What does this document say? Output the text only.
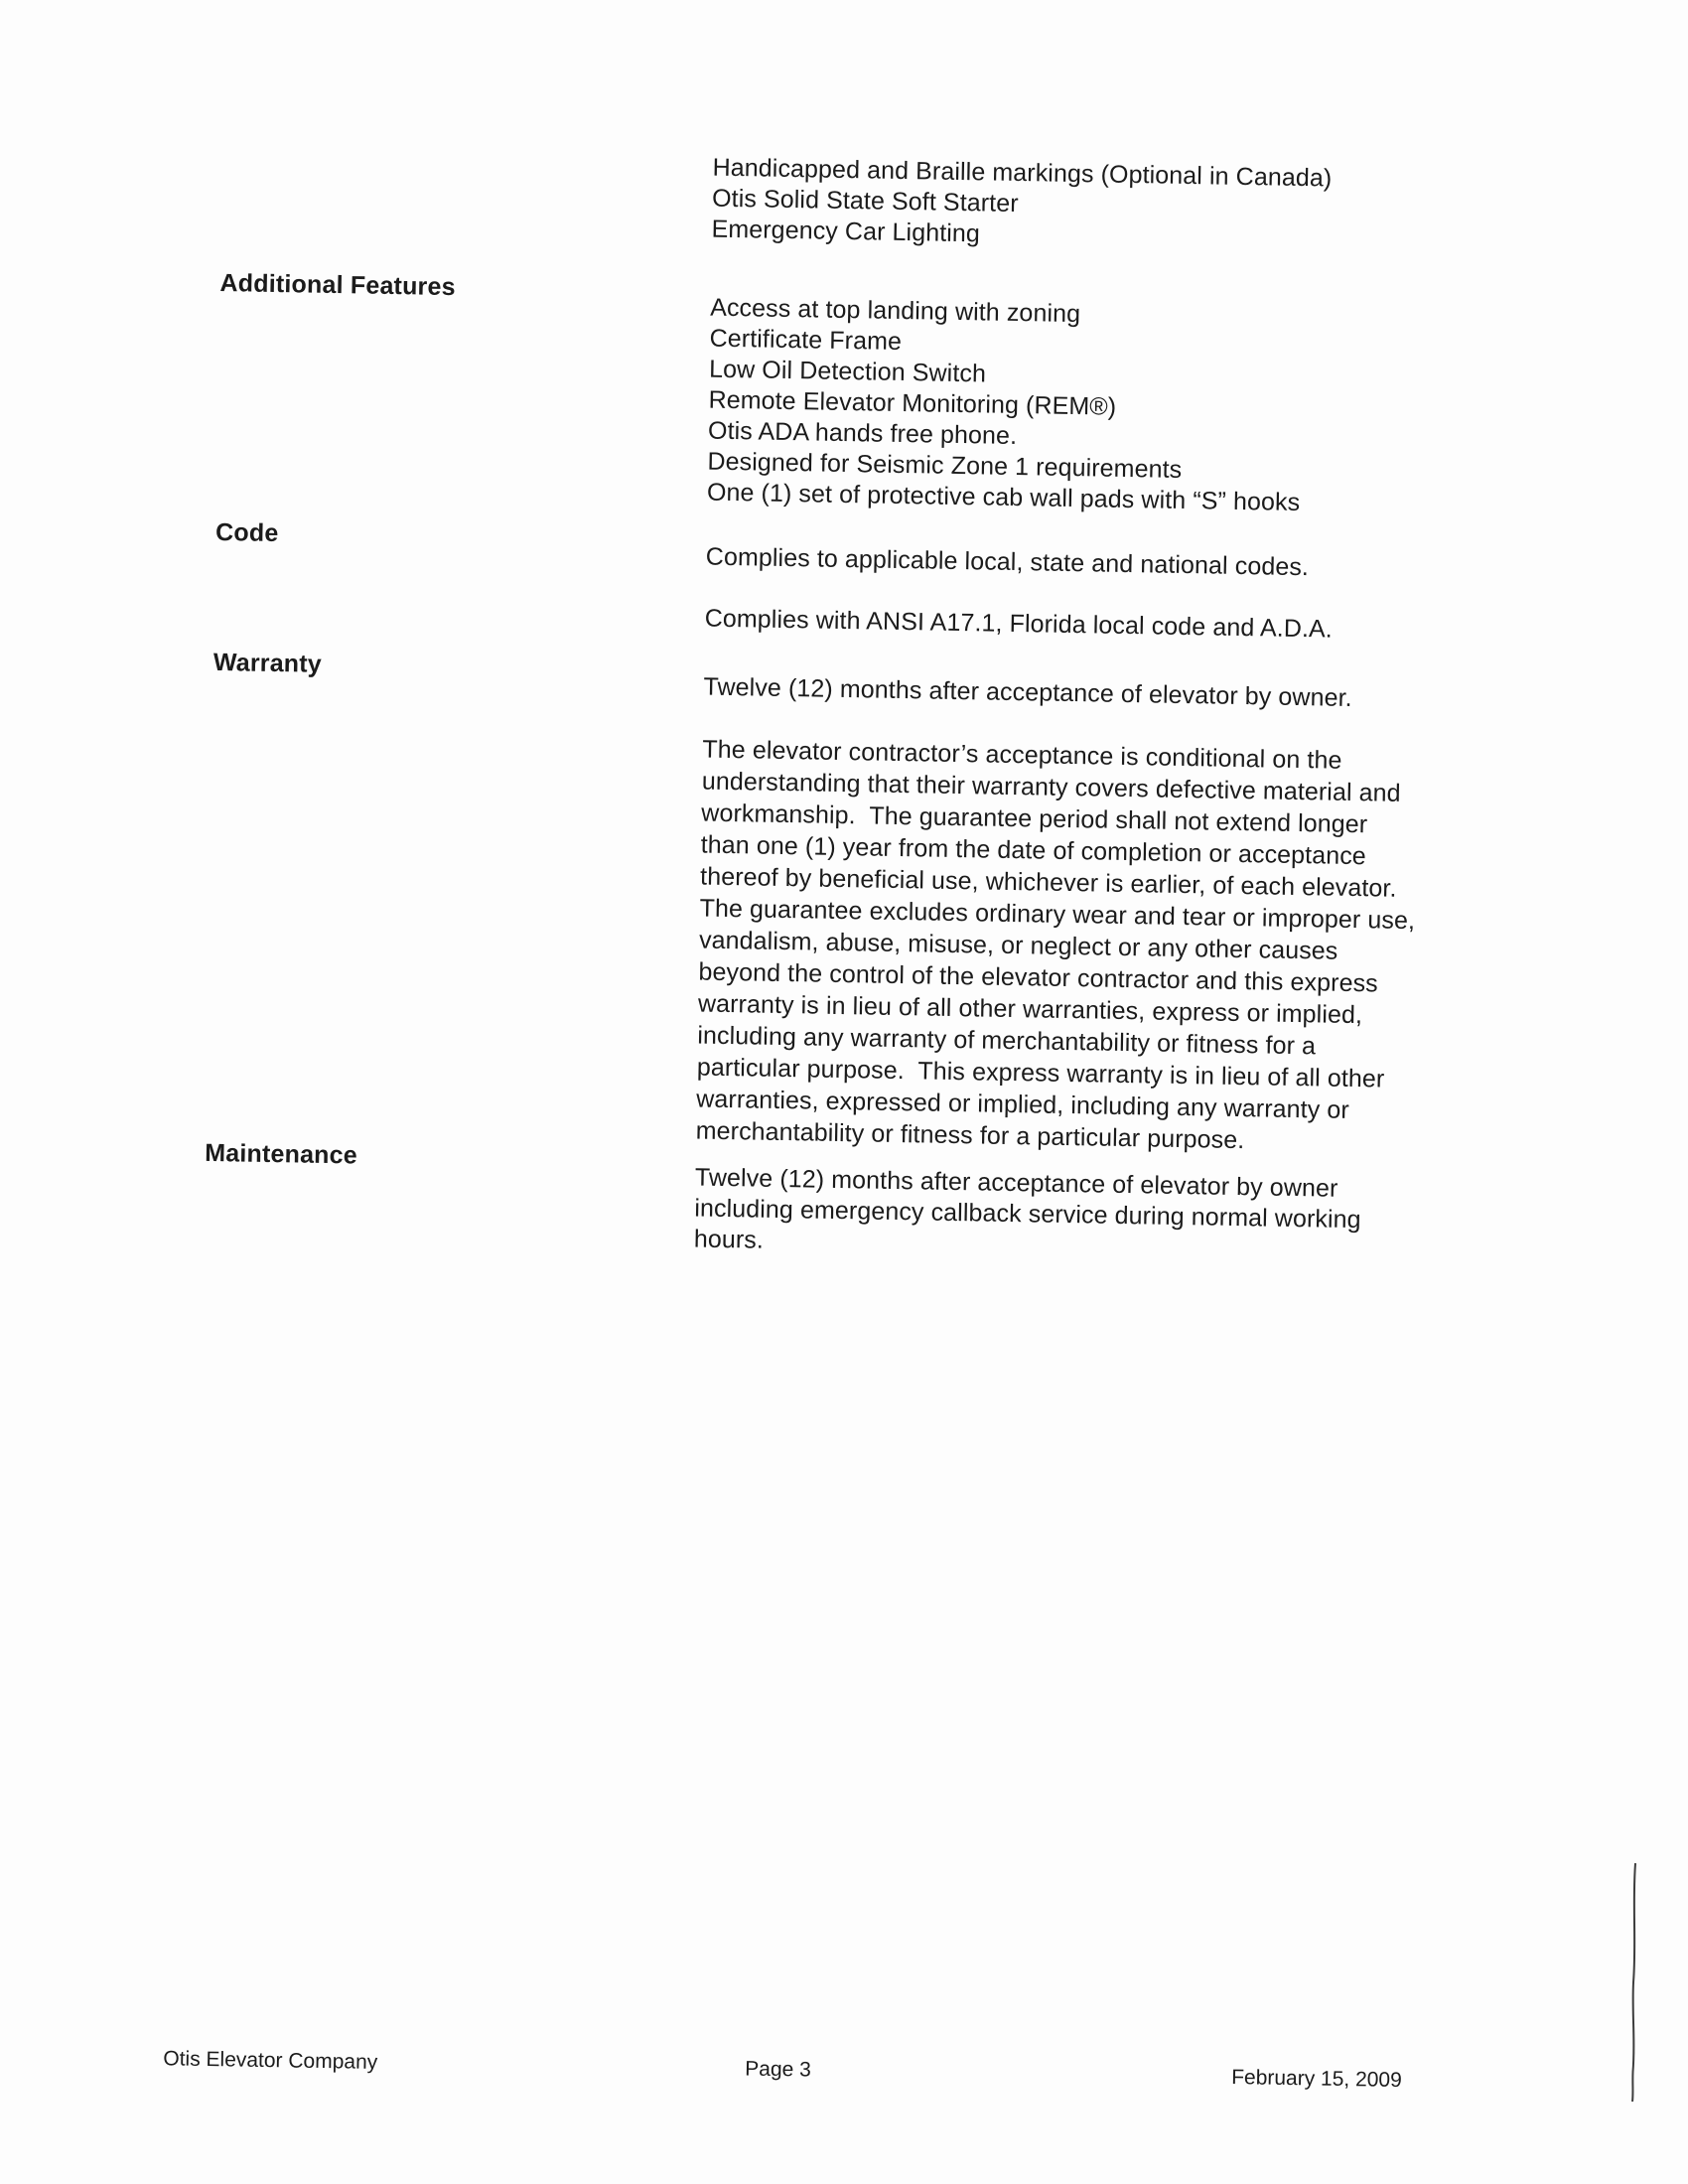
Handicapped and Braille markings (Optional in Canada)
Otis Solid State Soft Starter
Emergency Car Lighting
Additional Features
Access at top landing with zoning
Certificate Frame
Low Oil Detection Switch
Remote Elevator Monitoring (REM®)
Otis ADA hands free phone.
Designed for Seismic Zone 1 requirements
One (1) set of protective cab wall pads with “S” hooks
Code
Complies to applicable local, state and national codes.
Complies with ANSI A17.1, Florida local code and A.D.A.
Warranty
Twelve (12) months after acceptance of elevator by owner.
The elevator contractor’s acceptance is conditional on the
understanding that their warranty covers defective material and
workmanship.  The guarantee period shall not extend longer
than one (1) year from the date of completion or acceptance
thereof by beneficial use, whichever is earlier, of each elevator.
The guarantee excludes ordinary wear and tear or improper use,
vandalism, abuse, misuse, or neglect or any other causes
beyond the control of the elevator contractor and this express
warranty is in lieu of all other warranties, express or implied,
including any warranty of merchantability or fitness for a
particular purpose.  This express warranty is in lieu of all other
warranties, expressed or implied, including any warranty or
merchantability or fitness for a particular purpose.
Maintenance
Twelve (12) months after acceptance of elevator by owner
including emergency callback service during normal working
hours.
Otis Elevator Company	Page 3	February 15, 2009
